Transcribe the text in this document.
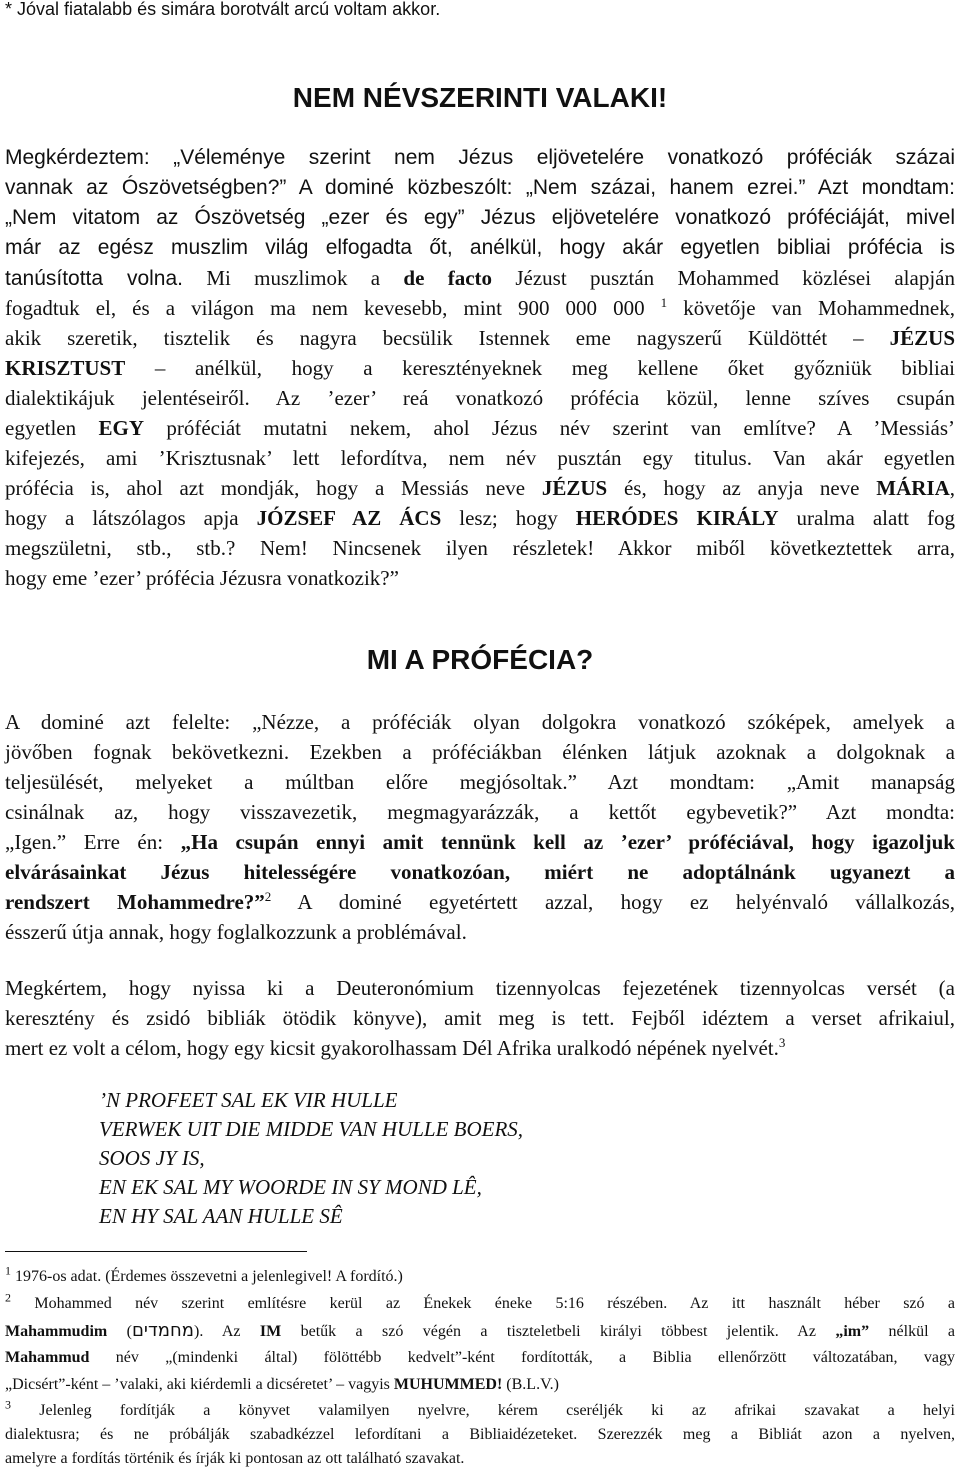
* Jóval fiatalabb és simára borotvált arcú voltam akkor.
NEM NÉVSZERINTI VALAKI!
Megkérdeztem: „Véleménye szerint nem Jézus eljövetelére vonatkozó próféciák százai
vannak az Ószövetségben?” A dominé közbeszólt: „Nem százai, hanem ezrei.” Azt mondtam:
„Nem vitatom az Ószövetség „ezer és egy” Jézus eljövetelére vonatkozó próféciáját, mivel
már az egész muszlim világ elfogadta őt, anélkül, hogy akár egyetlen bibliai prófécia is
tanúsította volna. Mi muszlimok a de facto Jézust pusztán Mohammed közlései alapján
fogadtuk el, és a világon ma nem kevesebb, mint 900 000 000 $^1$ követője van Mohammednek,
akik szeretik, tisztelik és nagyra becsülik Istennek eme nagyszerű Küldöttét – JÉZUS
KRISZTUST – anélkül, hogy a keresztényeknek meg kellene őket győzniük bibliai
dialektikájuk jelentéseiről. Az ’ezer’ reá vonatkozó prófécia közül, lenne szíves csupán
egyetlen EGY próféciát mutatni nekem, ahol Jézus név szerint van említve? A ’Messiás’
kifejezés, ami ’Krisztusnak’ lett lefordítva, nem név pusztán egy titulus. Van akár egyetlen
prófécia is, ahol azt mondják, hogy a Messiás neve JÉZUS és, hogy az anyja neve MÁRIA,
hogy a látszólagos apja JÓZSEF AZ ÁCS lesz; hogy HERÓDES KIRÁLY uralma alatt fog
megszületni, stb., stb.? Nem! Nincsenek ilyen részletek! Akkor miből következtettek arra,
hogy eme ’ezer’ prófécia Jézusra vonatkozik?”
MI A PRÓFÉCIA?
A dominé azt felelte: „Nézze, a próféciák olyan dolgokra vonatkozó szóképek, amelyek a
jövőben fognak bekövetkezni. Ezekben a próféciákban élénken látjuk azoknak a dolgoknak a
teljesülését, melyeket a múltban előre megjósoltak.” Azt mondtam: „Amit manapság
csinálnak az, hogy visszavezetik, megmagyarázzák, a kettőt egybevetik?” Azt mondta:
„Igen.” Erre én: „Ha csupán ennyi amit tennünk kell az ’ezer’ próféciával, hogy igazoljuk
elvárásainkat Jézus hitelességére vonatkozóan, miért ne adoptálnánk ugyanezt a
rendszert Mohammedre?”$^2$ A dominé egyetértett azzal, hogy ez helyénvaló vállalkozás,
ésszerű útja annak, hogy foglalkozzunk a problémával.
Megkértem, hogy nyissa ki a Deuteronómium tizennyolcas fejezetének tizennyolcas versét (a
keresztény és zsidó bibliák ötödik könyve), amit meg is tett. Fejből idéztem a verset afrikaiul,
mert ez volt a célom, hogy egy kicsit gyakorolhassam Dél Afrika uralkodó népének nyelvét.$^3$
’N PROFEET SAL EK VIR HULLE
VERWEK UIT DIE MIDDE VAN HULLE BOERS,
SOOS JY IS,
EN EK SAL MY WOORDE IN SY MOND LÊ,
EN HY SAL AAN HULLE SÊ
$^1$ 1976-os adat. (Érdemes összevetni a jelenlegivel! A fordító.)
$^2$ Mohammed név szerint említésre kerül az Énekek éneke 5:16 részében. Az itt használt héber szó a
Mahammudim (מחמדים). Az IM betűk a szó végén a tiszteletbeli királyi többest jelentik. Az „im” nélkül a
Mahammud név „(mindenki által) fölöttébb kedvelt”-ként fordították, a Biblia ellenőrzött változatában, vagy
„Dicsért”-ként – ’valaki, aki kiérdemli a dicséretet’ – vagyis MUHUMMED! (B.L.V.)
$^3$ Jelenleg fordítják a könyvet valamilyen nyelvre, kérem cseréljék ki az afrikai szavakat a helyi
dialektusra; és ne próbálják szabadkézzel lefordítani a Bibliaidézeteket. Szerezzék meg a Bibliát azon a nyelven,
amelyre a fordítás történik és írják ki pontosan az ott található szavakat.
